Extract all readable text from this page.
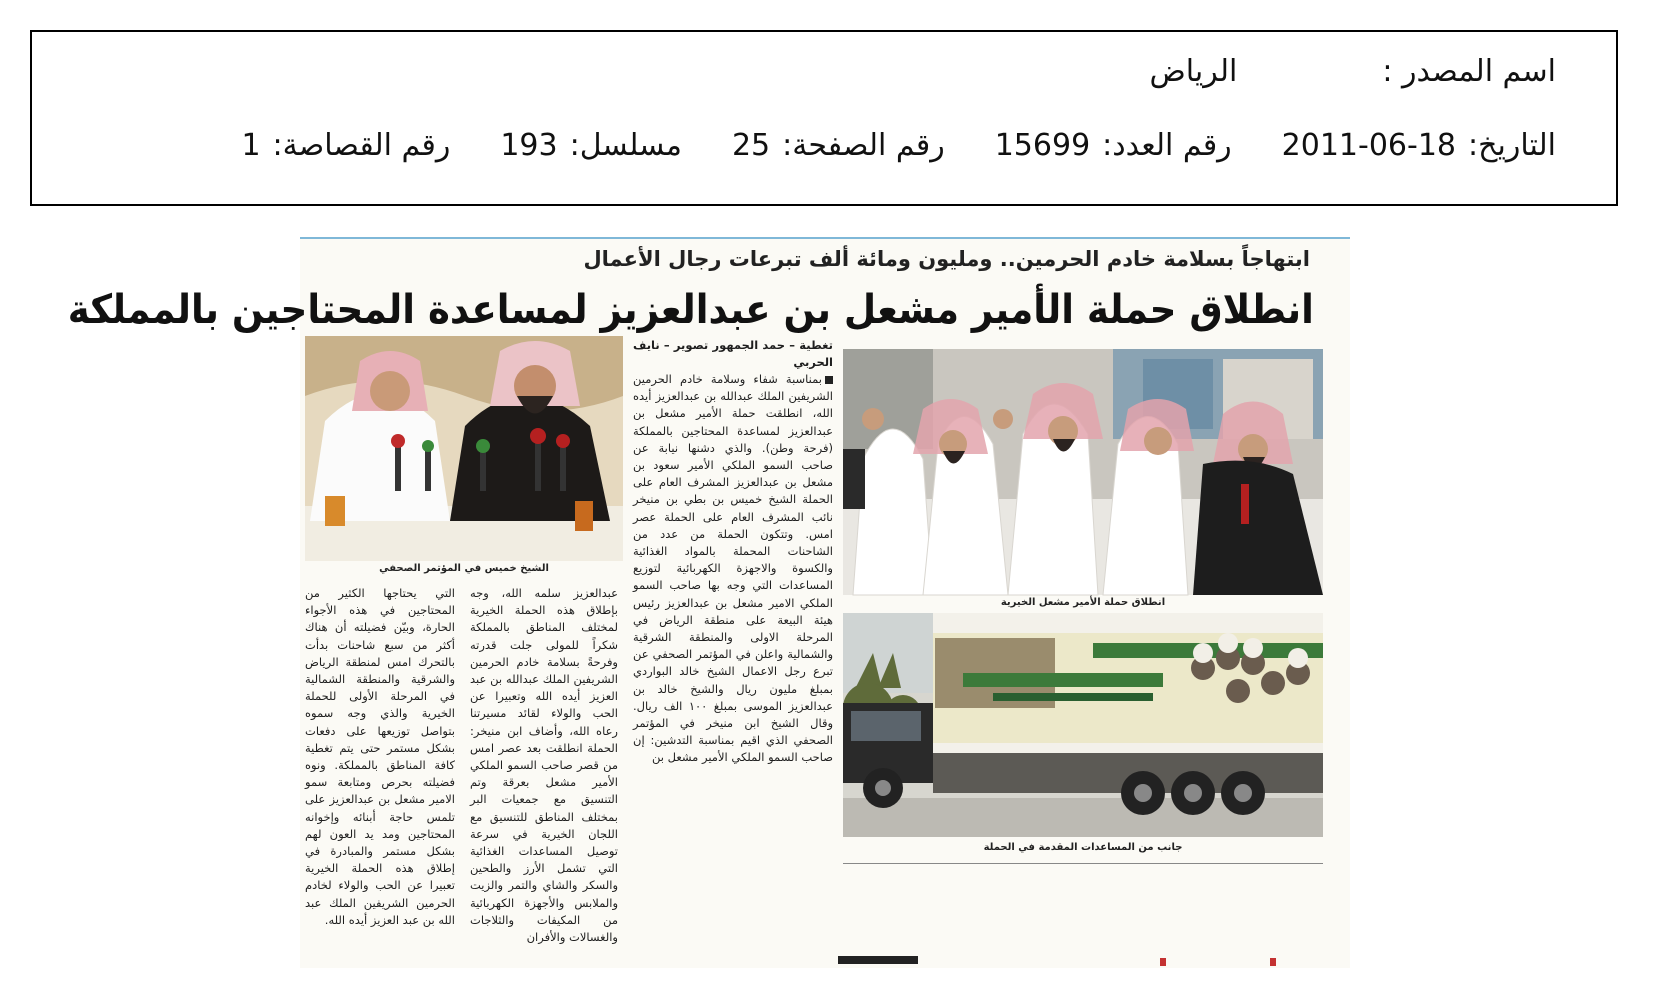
اسم المصدر :
الرياض
التاريخ:
2011-06-18
رقم العدد:
15699
رقم الصفحة:
25
مسلسل:
193
رقم القصاصة:
1
ابتهاجاً بسلامة خادم الحرمين.. ومليون ومائة ألف تبرعات رجال الأعمال
انطلاق حملة الأمير مشعل بن عبدالعزيز لمساعدة المحتاجين بالمملكة
انطلاق حملة الأمير مشعل الخيرية
جانب من المساعدات المقدمة في الحملة
الشيخ خميس في المؤتمر الصحفي

تغطية – حمد الجمهور تصوير – نايف الحربي

بمناسبة شفاء وسلامة خادم الحرمين الشريفين الملك عبدالله بن عبدالعزيز أيده الله، انطلقت حملة الأمير مشعل بن عبدالعزيز لمساعدة المحتاجين بالمملكة (فرحة وطن). والذي دشنها نيابة عن صاحب السمو الملكي الأمير سعود بن مشعل بن عبدالعزيز المشرف العام على الحملة الشيخ خميس بن بطي بن منيخر نائب المشرف العام على الحملة عصر امس. وتتكون الحملة من عدد من الشاحنات المحملة بالمواد الغذائية والكسوة والاجهزة الكهربائية لتوزيع المساعدات التي وجه بها صاحب السمو الملكي الامير مشعل بن عبدالعزيز رئيس هيئة البيعة على منطقة الرياض في المرحلة الاولى والمنطقة الشرقية والشمالية واعلن في المؤتمر الصحفي عن تبرع رجل الاعمال الشيخ خالد البواردي بمبلغ مليون ريال والشيخ خالد بن عبدالعزيز الموسى بمبلغ ١٠٠ الف ريال. وقال الشيخ ابن منيخر في المؤتمر الصحفي الذي اقيم بمناسبة التدشين: إن صاحب السمو الملكي الأمير مشعل بن

عبدالعزيز سلمه الله، وجه بإطلاق هذه الحملة الخيرية لمختلف المناطق بالمملكة شكراً للمولى جلت قدرته وفرحةً بسلامة خادم الحرمين الشريفين الملك عبدالله بن عبد العزيز أيده الله وتعبيرا عن الحب والولاء لقائد مسيرتنا رعاه الله، وأضاف ابن منيخر: الحملة انطلقت بعد عصر امس من قصر صاحب السمو الملكي الأمير مشعل بعرقة وتم التنسيق مع جمعيات البر بمختلف المناطق للتنسيق مع اللجان الخيرية في سرعة توصيل المساعدات الغذائية التي تشمل الأرز والطحين والسكر والشاي والتمر والزيت والملابس والأجهزة الكهربائية من المكيفات والثلاجات والغسالات والأفران

التي يحتاجها الكثير من المحتاجين في هذه الأجواء الحارة، وبيّن فضيلته أن هناك أكثر من سبع شاحنات بدأت بالتحرك امس لمنطقة الرياض والشرقية والمنطقة الشمالية في المرحلة الأولى للحملة الخيرية والذي وجه سموه بتواصل توزيعها على دفعات بشكل مستمر حتى يتم تغطية كافة المناطق بالمملكة. ونوه فضيلته بحرص ومتابعة سمو الامير مشعل بن عبدالعزيز على تلمس حاجة أبنائه وإخوانه المحتاجين ومد يد العون لهم بشكل مستمر والمبادرة في إطلاق هذه الحملة الخيرية تعبيرا عن الحب والولاء لخادم الحرمين الشريفين الملك عبد الله بن عبد العزيز أيده الله.
